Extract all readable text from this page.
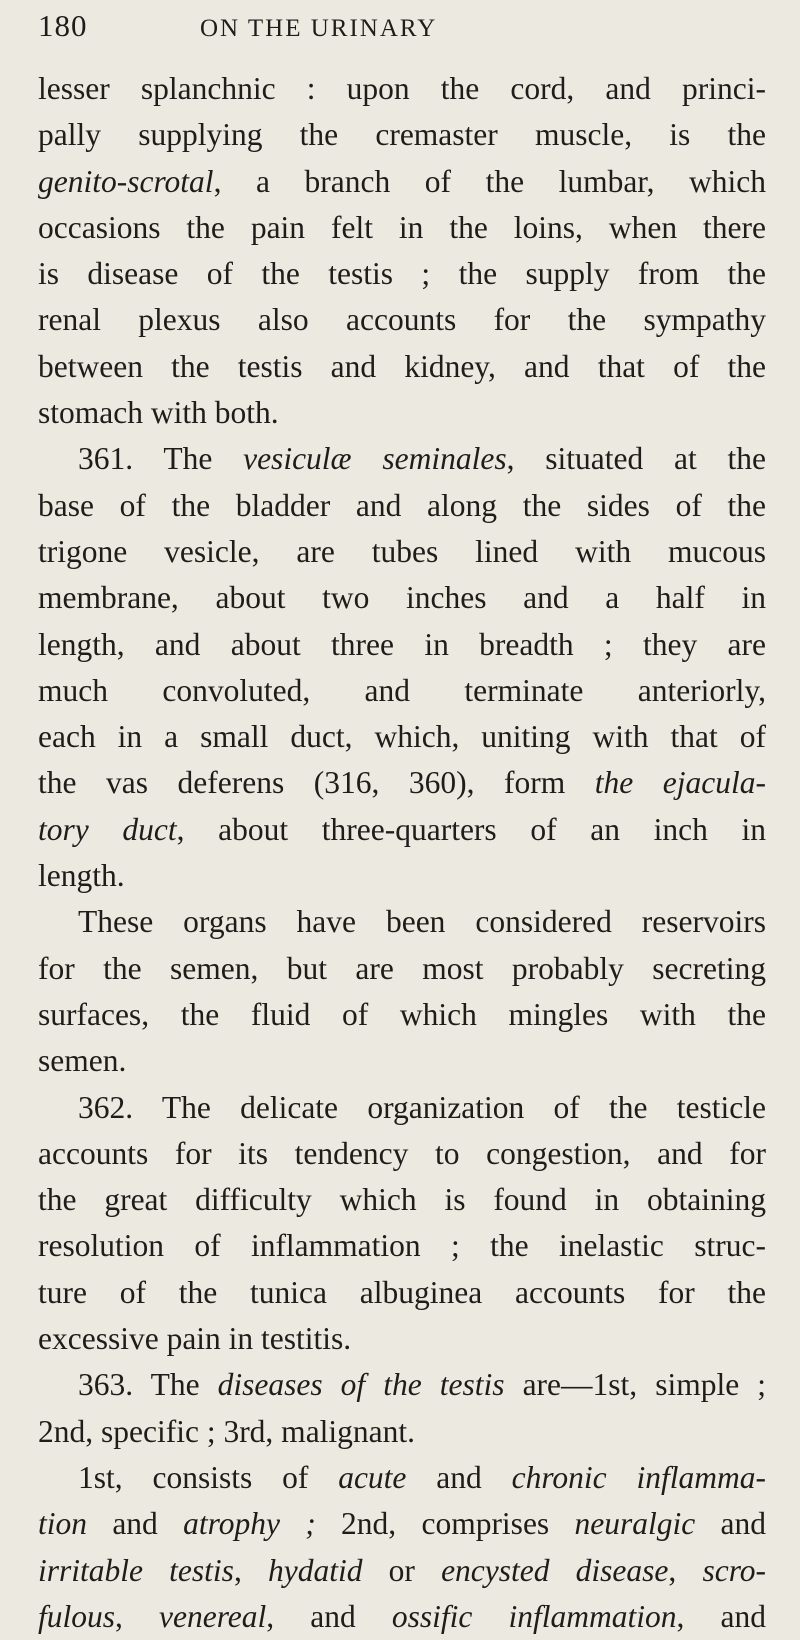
180	ON THE URINARY
lesser splanchnic : upon the cord, and princi-
pally supplying the cremaster muscle, is the
genito-scrotal, a branch of the lumbar, which
occasions the pain felt in the loins, when there
is disease of the testis ; the supply from the
renal plexus also accounts for the sympathy
between the testis and kidney, and that of the
stomach with both.
361. The vesiculæ seminales, situated at the
base of the bladder and along the sides of the
trigone vesicle, are tubes lined with mucous
membrane, about two inches and a half in
length, and about three in breadth ; they are
much convoluted, and terminate anteriorly,
each in a small duct, which, uniting with that of
the vas deferens (316, 360), form the ejacula-
tory duct, about three-quarters of an inch in
length.
These organs have been considered reservoirs
for the semen, but are most probably secreting
surfaces, the fluid of which mingles with the
semen.
362. The delicate organization of the testicle
accounts for its tendency to congestion, and for
the great difficulty which is found in obtaining
resolution of inflammation ; the inelastic struc-
ture of the tunica albuginea accounts for the
excessive pain in testitis.
363. The diseases of the testis are—1st, simple ;
2nd, specific ; 3rd, malignant.
1st, consists of acute and chronic inflamma-
tion and atrophy ; 2nd, comprises neuralgic and
irritable testis, hydatid or encysted disease, scro-
fulous, venereal, and ossific inflammation, and
